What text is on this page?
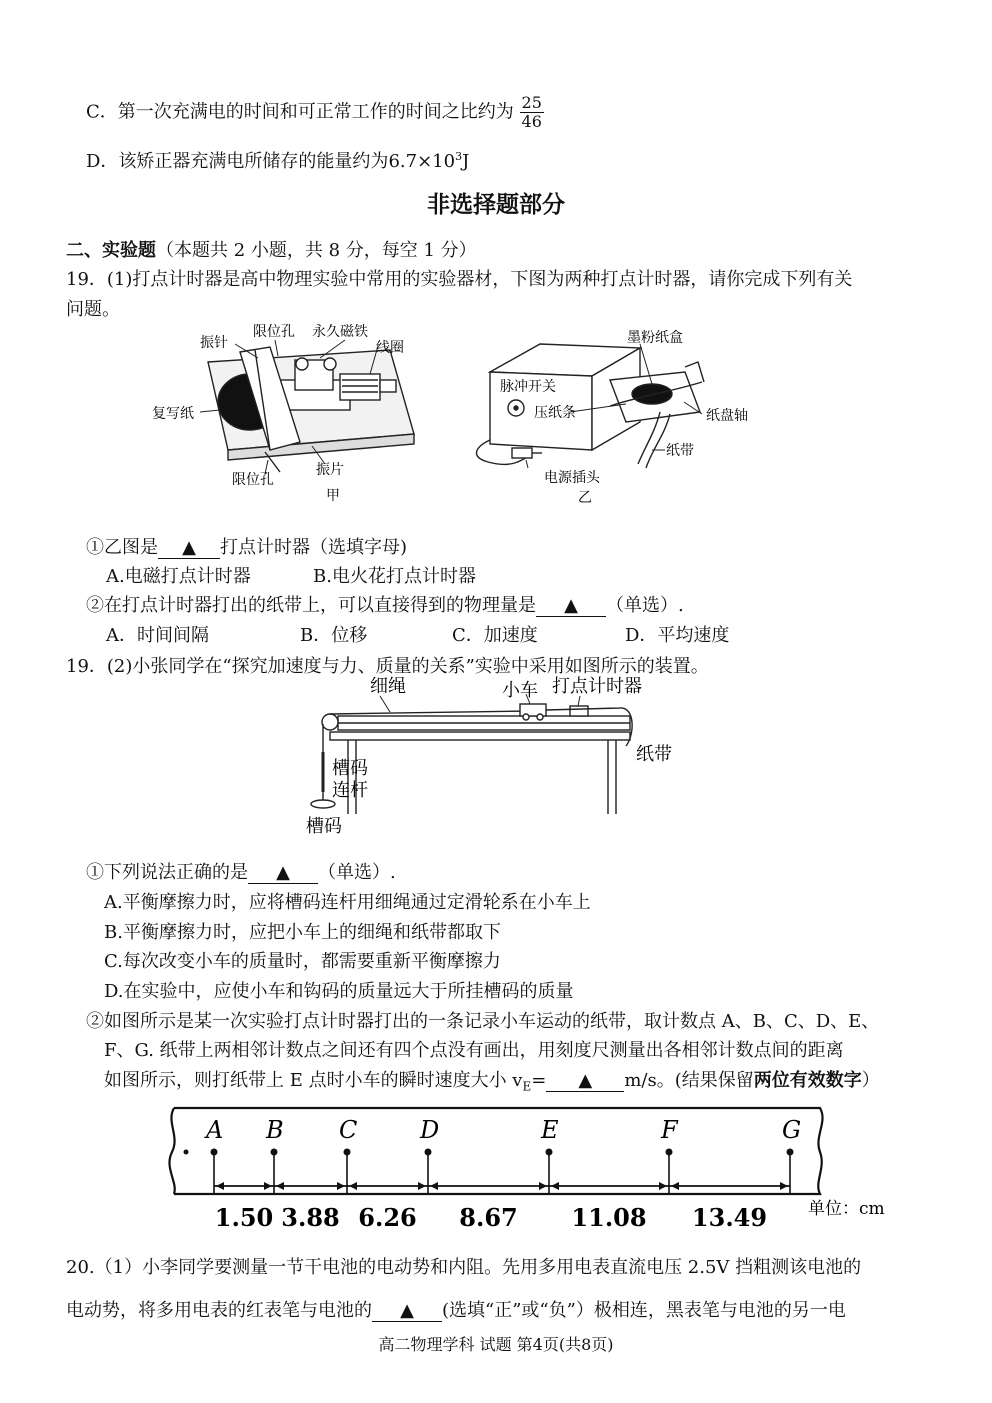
C．第一次充满电的时间和可正常工作的时间之比约为 $\frac{25}{46}$
D．该矫正器充满电所储存的能量约为$6.7\times 10^3J$
非选择题部分
二、实验题（本题共 2 小题，共 8 分，每空 1 分）
19．(1)打点计时器是高中物理实验中常用的实验器材，下图为两种打点计时器，请你完成下列有关
问题。
振针
限位孔 永久磁铁
线圈
复写纸
限位孔
振片
甲
墨粉纸盒
脉冲开关
压纸条	纸盘轴
纸带
电源插头
乙
①乙图是 ▲ 打点计时器（选填字母)
A.电磁打点计时器	B.电火花打点计时器
②在打点计时器打出的纸带上，可以直接得到的物理量是 ▲ （单选）.
A．时间间隔	B．位移	C．加速度	D．平均速度
19．(2)小张同学在“探究加速度与力、质量的关系”实验中采用如图所示的装置。
细绳	小车 打点计时器
纸带
槽码
连杆
槽码
①下列说法正确的是 ▲ （单选）.
A.平衡摩擦力时，应将槽码连杆用细绳通过定滑轮系在小车上
B.平衡摩擦力时，应把小车上的细绳和纸带都取下
C.每次改变小车的质量时，都需要重新平衡摩擦力
D.在实验中，应使小车和钩码的质量远大于所挂槽码的质量
②如图所示是某一次实验打点计时器打出的一条记录小车运动的纸带，取计数点 A、B、C、D、E、
F、G. 纸带上两相邻计数点之间还有四个点没有画出，用刻度尺测量出各相邻计数点间的距离
如图所示，则打纸带上 E 点时小车的瞬时速度大小 $v_E=$ ▲ m/s。(结果保留两位有效数字）
A B C	D	E	F	G
1.50 3.88 6.26 8.67 11.08 13.49 单位：cm
20.（1）小李同学要测量一节干电池的电动势和内阻。先用多用电表直流电压 2.5V 挡粗测该电池的
电动势，将多用电表的红表笔与电池的 ▲ (选填“正”或“负”）极相连，黑表笔与电池的另一电
高二物理学科 试题 第4页(共8页)
